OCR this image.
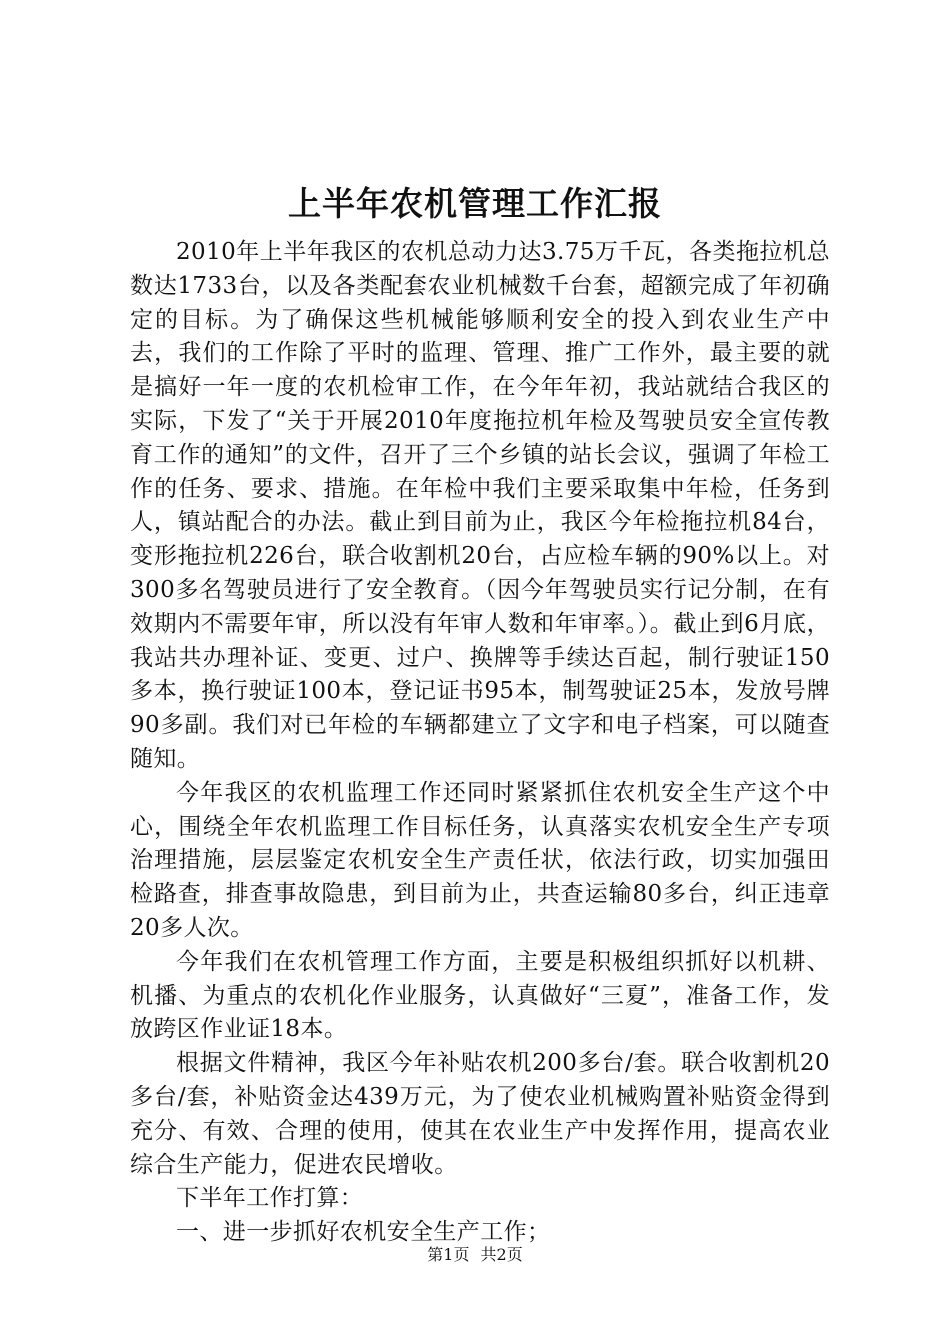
上半年农机管理工作汇报

2010年上半年我区的农机总动力达3.75万千瓦，各类拖拉机总数达1733台，以及各类配套农业机械数千台套，超额完成了年初确定的目标。为了确保这些机械能够顺利安全的投入到农业生产中去，我们的工作除了平时的监理、管理、推广工作外，最主要的就是搞好一年一度的农机检审工作，在今年年初，我站就结合我区的实际，下发了“关于开展2010年度拖拉机年检及驾驶员安全宣传教育工作的通知”的文件，召开了三个乡镇的站长会议，强调了年检工作的任务、要求、措施。在年检中我们主要采取集中年检，任务到人，镇站配合的办法。截止到目前为止，我区今年检拖拉机84台，变形拖拉机226台，联合收割机20台，占应检车辆的90%以上。对300多名驾驶员进行了安全教育。（因今年驾驶员实行记分制，在有效期内不需要年审，所以没有年审人数和年审率。）。截止到6月底，我站共办理补证、变更、过户、换牌等手续达百起，制行驶证150多本，换行驶证100本，登记证书95本，制驾驶证25本，发放号牌90多副。我们对已年检的车辆都建立了文字和电子档案，可以随查随知。

今年我区的农机监理工作还同时紧紧抓住农机安全生产这个中心，围绕全年农机监理工作目标任务，认真落实农机安全生产专项治理措施，层层鉴定农机安全生产责任状，依法行政，切实加强田检路查，排查事故隐患，到目前为止，共查运输80多台，纠正违章20多人次。

今年我们在农机管理工作方面，主要是积极组织抓好以机耕、机播、为重点的农机化作业服务，认真做好“三夏”，准备工作，发放跨区作业证18本。

根据文件精神，我区今年补贴农机200多台/套。联合收割机20多台/套，补贴资金达439万元，为了使农业机械购置补贴资金得到充分、有效、合理的使用，使其在农业生产中发挥作用，提高农业综合生产能力，促进农民增收。

下半年工作打算：

一、进一步抓好农机安全生产工作；

第1页 共2页
